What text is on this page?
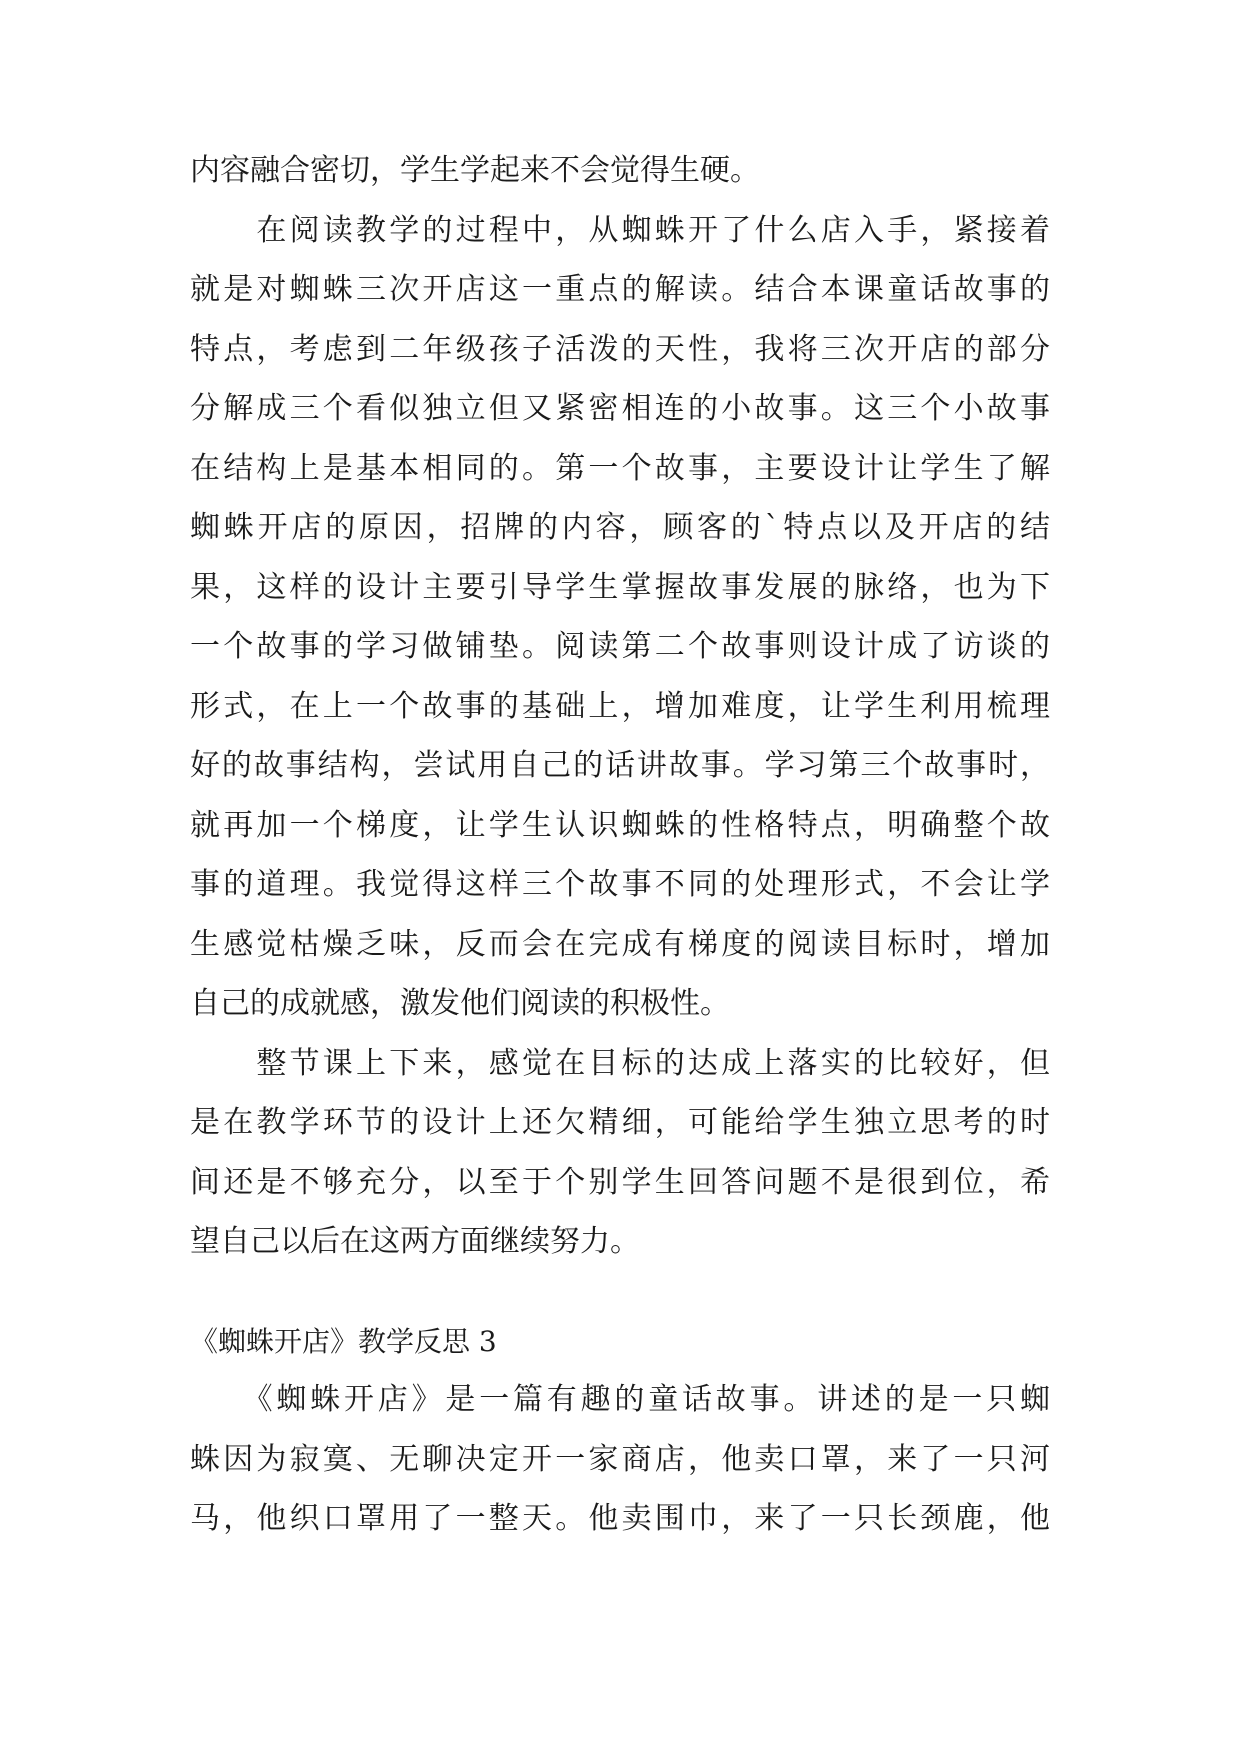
内容融合密切，学生学起来不会觉得生硬。
　　在阅读教学的过程中，从蜘蛛开了什么店入手，紧接着
就是对蜘蛛三次开店这一重点的解读。结合本课童话故事的
特点，考虑到二年级孩子活泼的天性，我将三次开店的部分
分解成三个看似独立但又紧密相连的小故事。这三个小故事
在结构上是基本相同的。第一个故事，主要设计让学生了解
蜘蛛开店的原因，招牌的内容，顾客的`特点以及开店的结
果，这样的设计主要引导学生掌握故事发展的脉络，也为下
一个故事的学习做铺垫。阅读第二个故事则设计成了访谈的
形式，在上一个故事的基础上，增加难度，让学生利用梳理
好的故事结构，尝试用自己的话讲故事。学习第三个故事时，
就再加一个梯度，让学生认识蜘蛛的性格特点，明确整个故
事的道理。我觉得这样三个故事不同的处理形式，不会让学
生感觉枯燥乏味，反而会在完成有梯度的阅读目标时，增加
自己的成就感，激发他们阅读的积极性。
　　整节课上下来，感觉在目标的达成上落实的比较好，但
是在教学环节的设计上还欠精细，可能给学生独立思考的时
间还是不够充分，以至于个别学生回答问题不是很到位，希
望自己以后在这两方面继续努力。
《蜘蛛开店》教学反思 3
　　《蜘蛛开店》是一篇有趣的童话故事。讲述的是一只蜘
蛛因为寂寞、无聊决定开一家商店，他卖口罩，来了一只河
马，他织口罩用了一整天。他卖围巾，来了一只长颈鹿，他
